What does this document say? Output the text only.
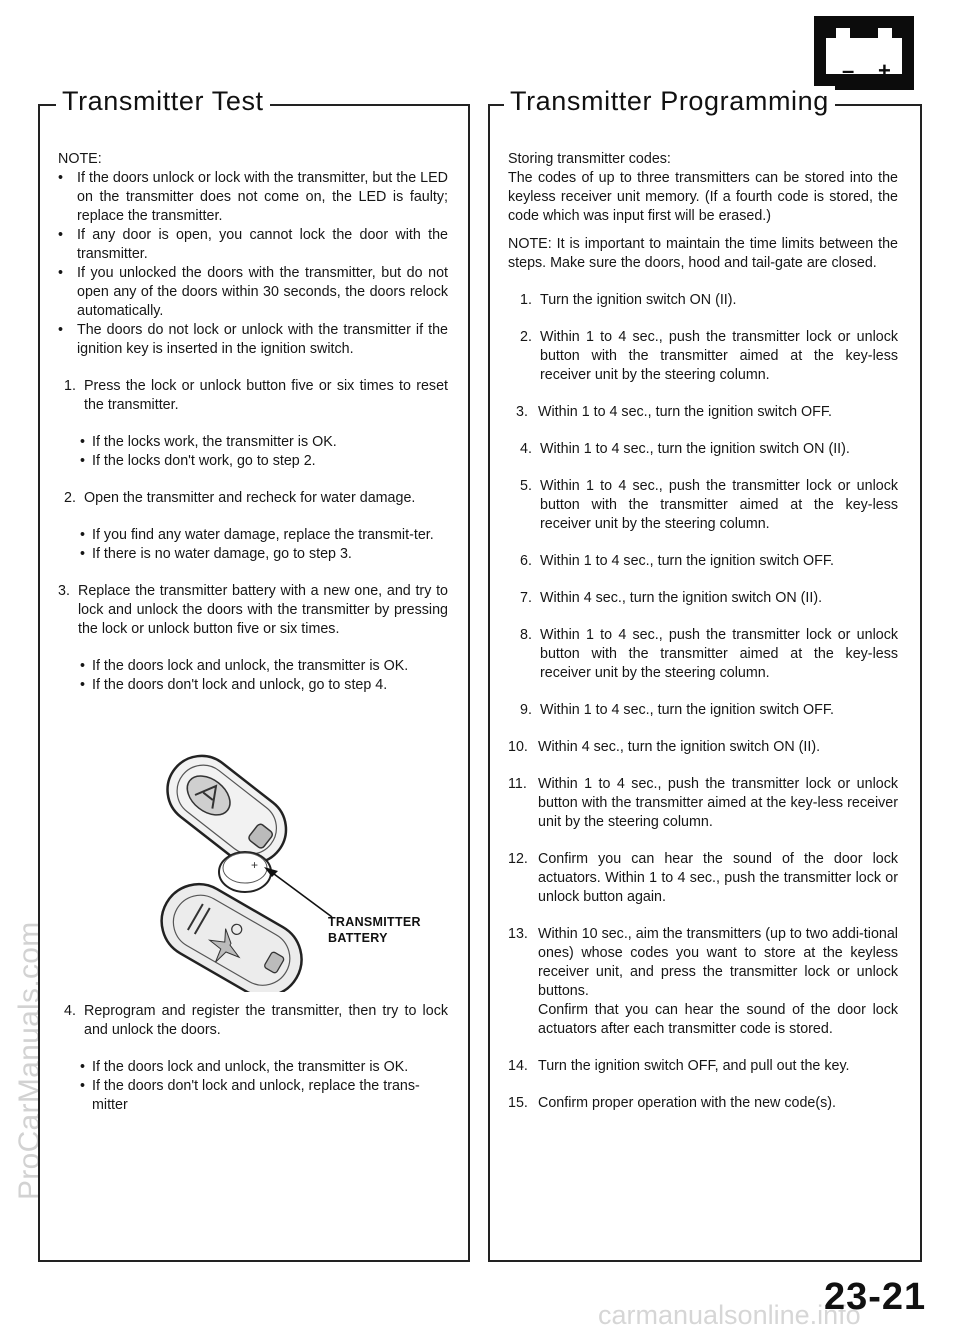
– +
ProCarManuals.com
carmanualsonline.info
Transmitter Test

NOTE:

• If the doors unlock or lock with the transmitter, but the LED on the transmitter does not come on, the LED is faulty; replace the transmitter.

• If any door is open, you cannot lock the door with the transmitter.

• If you unlocked the doors with the transmitter, but do not open any of the doors within 30 seconds, the doors relock automatically.

• The doors do not lock or unlock with the transmitter if the ignition key is inserted in the ignition switch.

1. Press the lock or unlock button five or six times to reset the transmitter.

• If the locks work, the transmitter is OK.

• If the locks don't work, go to step 2.

2. Open the transmitter and recheck for water damage.

• If you find any water damage, replace the transmit-ter.

• If there is no water damage, go to step 3.

3. Replace the transmitter battery with a new one, and try to lock and unlock the doors with the transmitter by pressing the lock or unlock button five or six times.

• If the doors lock and unlock, the transmitter is OK.

• If the doors don't lock and unlock, go to step 4.

+
TRANSMITTER
BATTERY
4. Reprogram and register the transmitter, then try to lock and unlock the doors.

• If the doors lock and unlock, the transmitter is OK.

• If the doors don't lock and unlock, replace the trans-mitter

Transmitter Programming

Storing transmitter codes:

The codes of up to three transmitters can be stored into the keyless receiver unit memory. (If a fourth code is stored, the code which was input first will be erased.)

NOTE: It is important to maintain the time limits between the steps. Make sure the doors, hood and tail-gate are closed.

1. Turn the ignition switch ON (II).
2. Within 1 to 4 sec., push the transmitter lock or unlock button with the transmitter aimed at the key-less receiver unit by the steering column.
3. Within 1 to 4 sec., turn the ignition switch OFF.
4. Within 1 to 4 sec., turn the ignition switch ON (II).
5. Within 1 to 4 sec., push the transmitter lock or unlock button with the transmitter aimed at the key-less receiver unit by the steering column.
6. Within 1 to 4 sec., turn the ignition switch OFF.
7. Within 4 sec., turn the ignition switch ON (II).
8. Within 1 to 4 sec., push the transmitter lock or unlock button with the transmitter aimed at the key-less receiver unit by the steering column.
9. Within 1 to 4 sec., turn the ignition switch OFF.
10. Within 4 sec., turn the ignition switch ON (II).
11. Within 1 to 4 sec., push the transmitter lock or unlock button with the transmitter aimed at the key-less receiver unit by the steering column.
12. Confirm you can hear the sound of the door lock actuators. Within 1 to 4 sec., push the transmitter lock or unlock button again.
13. Within 10 sec., aim the transmitters (up to two addi-tional ones) whose codes you want to store at the keyless receiver unit, and press the transmitter lock or unlock buttons.
Confirm that you can hear the sound of the door lock actuators after each transmitter code is stored.
14. Turn the ignition switch OFF, and pull out the key.
15. Confirm proper operation with the new code(s).
23-21
